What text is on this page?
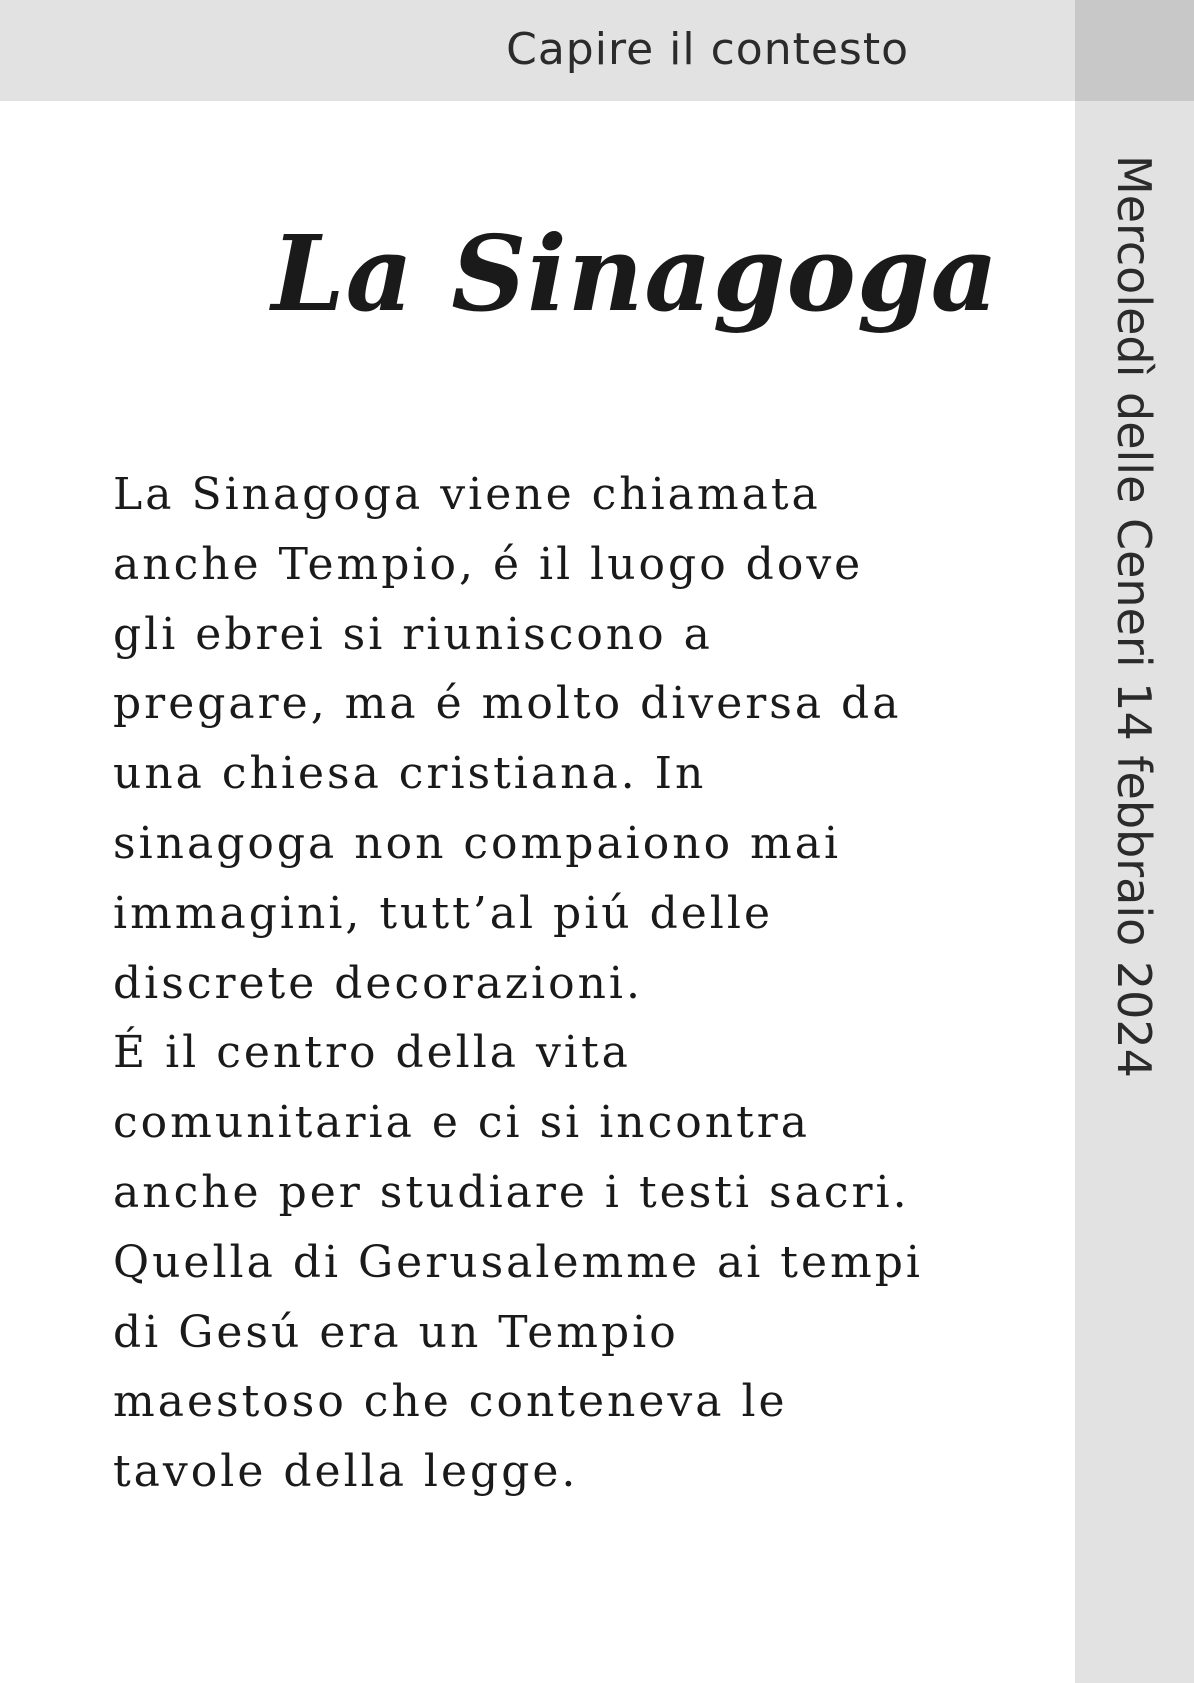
Capire il contesto
Mercoledì delle Ceneri 14 febbraio 2024
La Sinagoga
La Sinagoga viene chiamata
anche Tempio, é il luogo dove
gli ebrei si riuniscono a
pregare, ma é molto diversa da
una chiesa cristiana. In
sinagoga non compaiono mai
immagini, tutt’al piú delle
discrete decorazioni.
É il centro della vita
comunitaria e ci si incontra
anche per studiare i testi sacri.
Quella di Gerusalemme ai tempi
di Gesú era un Tempio
maestoso che conteneva le
tavole della legge.
